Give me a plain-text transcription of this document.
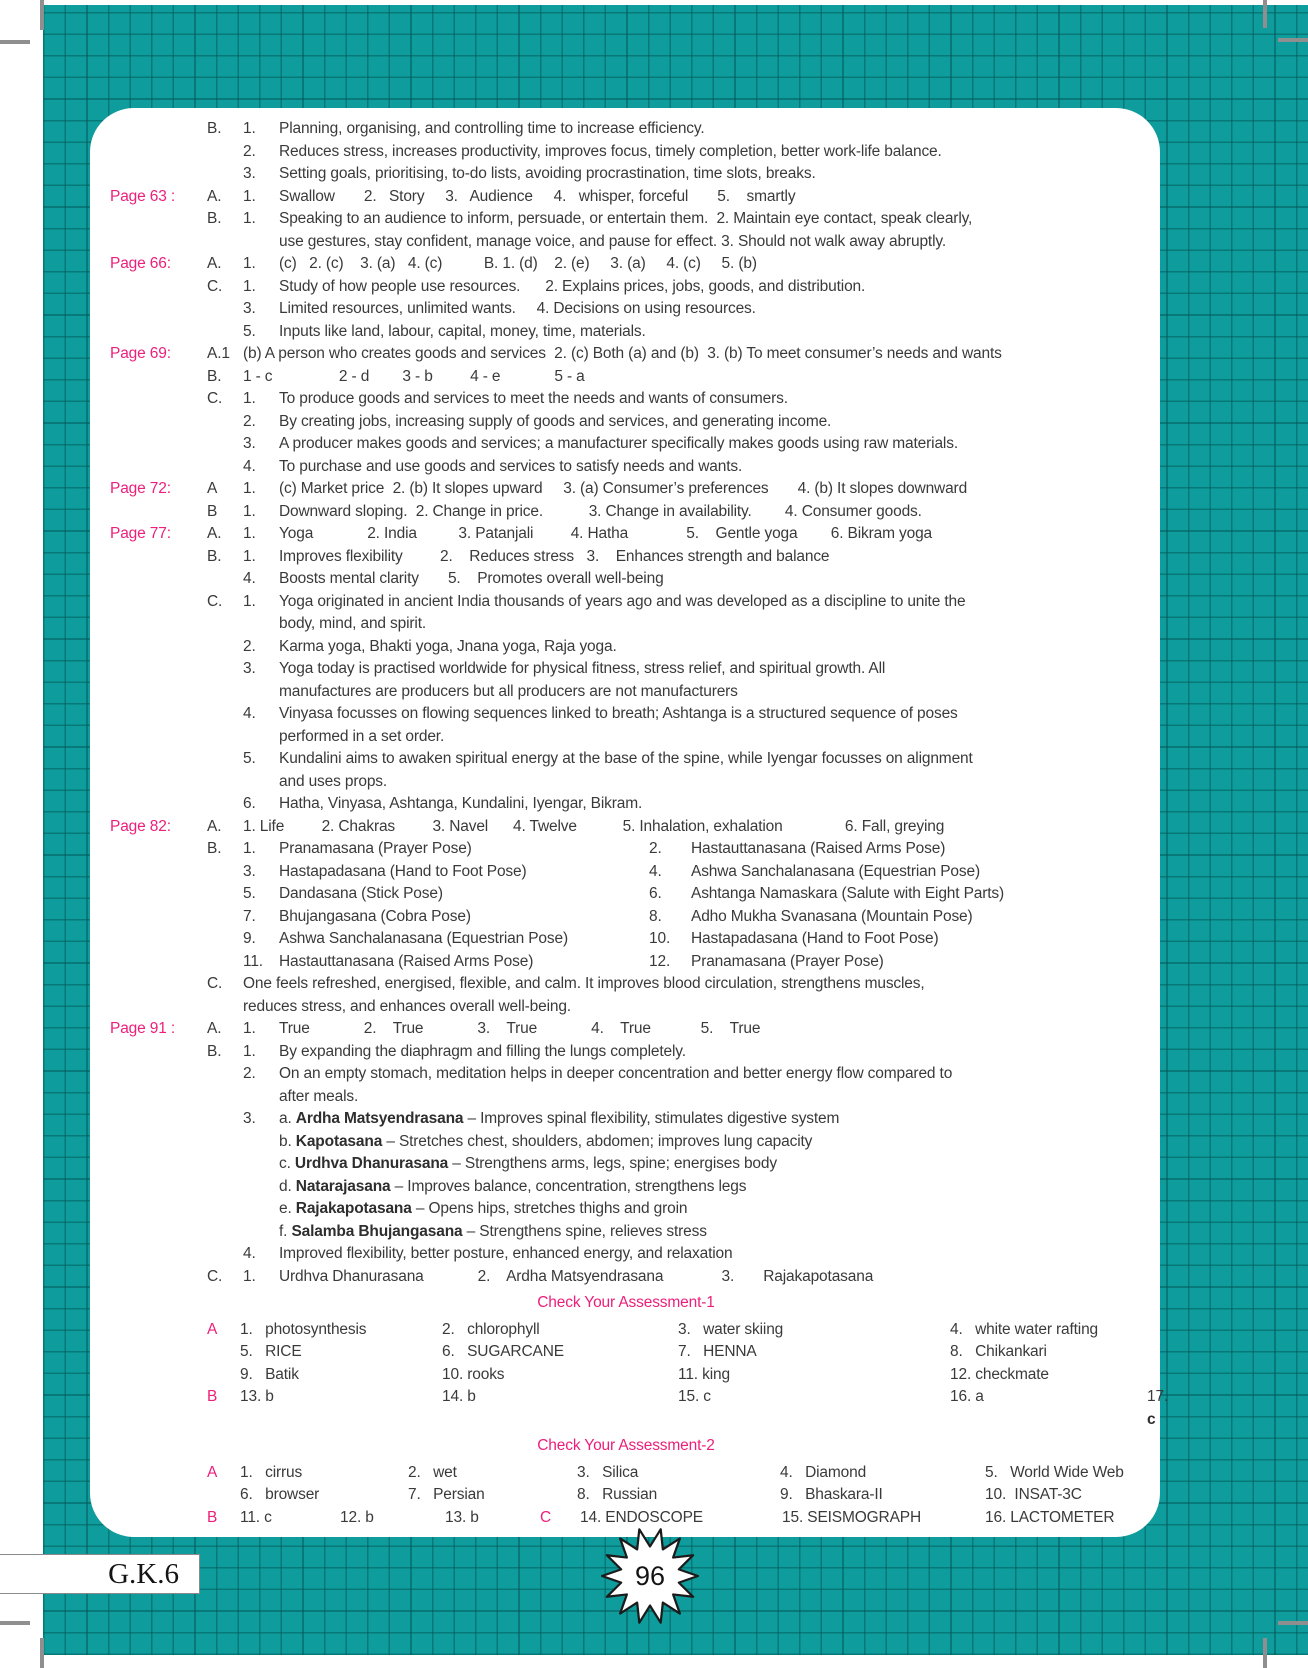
B.	1.	Planning, organising, and controlling time to increase efficiency.
2.	Reduces stress, increases productivity, improves focus, timely completion, better work-life balance.
3.	Setting goals, prioritising, to-do lists, avoiding procrastination, time slots, breaks.
Page 63 :	A.	1.	Swallow       2.   Story     3.   Audience     4.   whisper, forceful       5.    smartly
B.	1.	Speaking to an audience to inform, persuade, or entertain them.  2. Maintain eye contact, speak clearly,
use gestures, stay confident, manage voice, and pause for effect. 3. Should not walk away abruptly.
Page 66:	A.	1.	(c)   2. (c)    3. (a)   4. (c)          B. 1. (d)    2. (e)     3. (a)     4. (c)     5. (b)
C.	1.	Study of how people use resources.      2. Explains prices, jobs, goods, and distribution.
3.	Limited resources, unlimited wants.     4. Decisions on using resources.
5.	Inputs like land, labour, capital, money, time, materials.
Page 69:	A.1 (b) A person who creates goods and services  2. (c) Both (a) and (b)  3. (b) To meet consumer’s needs and wants
B.	1 - c                2 - d        3 - b         4 - e             5 - a
C.	1.	To produce goods and services to meet the needs and wants of consumers.
2.	By creating jobs, increasing supply of goods and services, and generating income.
3.	A producer makes goods and services; a manufacturer specifically makes goods using raw materials.
4.	To purchase and use goods and services to satisfy needs and wants.
Page 72:	A	1.	(c) Market price  2. (b) It slopes upward     3. (a) Consumer’s preferences       4. (b) It slopes downward
B	1.	Downward sloping.  2. Change in price.           3. Change in availability.        4. Consumer goods.
Page 77:	A.	1.	Yoga             2. India          3. Patanjali         4. Hatha              5.    Gentle yoga        6. Bikram yoga
B.	1.	Improves flexibility         2.    Reduces stress   3.    Enhances strength and balance
4.	Boosts mental clarity       5.    Promotes overall well-being
C.	1.	Yoga originated in ancient India thousands of years ago and was developed as a discipline to unite the
body, mind, and spirit.
2.	Karma yoga, Bhakti yoga, Jnana yoga, Raja yoga.
3.	Yoga today is practised worldwide for physical fitness, stress relief, and spiritual growth. All
manufactures are producers but all producers are not manufacturers
4.	Vinyasa focusses on flowing sequences linked to breath; Ashtanga is a structured sequence of poses
performed in a set order.
5.	Kundalini aims to awaken spiritual energy at the base of the spine, while Iyengar focusses on alignment
and uses props.
6.	Hatha, Vinyasa, Ashtanga, Kundalini, Iyengar, Bikram.
Page 82:	A.	1. Life         2. Chakras         3. Navel      4. Twelve           5. Inhalation, exhalation               6. Fall, greying
B.	1.	Pranamasana (Prayer Pose)	2.	Hastauttanasana (Raised Arms Pose)
3.	Hastapadasana (Hand to Foot Pose)	4.	Ashwa Sanchalanasana (Equestrian Pose)
5.	Dandasana (Stick Pose)	6.	Ashtanga Namaskara (Salute with Eight Parts)
7.	Bhujangasana (Cobra Pose)	8.	Adho Mukha Svanasana (Mountain Pose)
9.	Ashwa Sanchalanasana (Equestrian Pose)	10.	Hastapadasana (Hand to Foot Pose)
11.	Hastauttanasana (Raised Arms Pose)	12.	Pranamasana (Prayer Pose)
C.	One feels refreshed, energised, flexible, and calm. It improves blood circulation, strengthens muscles,
reduces stress, and enhances overall well-being.
Page 91 :	A.	1.	True             2.    True             3.    True             4.    True            5.    True
B.	1.	By expanding the diaphragm and filling the lungs completely.
2.	On an empty stomach, meditation helps in deeper concentration and better energy flow compared to
after meals.
3.	a. Ardha Matsyendrasana – Improves spinal flexibility, stimulates digestive system
b. Kapotasana – Stretches chest, shoulders, abdomen; improves lung capacity
c. Urdhva Dhanurasana – Strengthens arms, legs, spine; energises body
d. Natarajasana – Improves balance, concentration, strengthens legs
e. Rajakapotasana – Opens hips, stretches thighs and groin
f. Salamba Bhujangasana – Strengthens spine, relieves stress
4.	Improved flexibility, better posture, enhanced energy, and relaxation
C.	1.	Urdhva Dhanurasana             2.    Ardha Matsyendrasana              3.       Rajakapotasana
Check Your Assessment-1
A	1.   photosynthesis	2.   chlorophyll	3.   water skiing	4.   white water rafting
5.   RICE	6.   SUGARCANE	7.   HENNA	8.   Chikankari
9.   Batik	10. rooks	11. king	12. checkmate
B	13. b	14. b	15. c	16. a	17. c
Check Your Assessment-2
A	1.   cirrus	2.   wet	3.   Silica	4.   Diamond	5.   World Wide Web
6.   browser	7.   Persian	8.   Russian	9.   Bhaskara-II	10.  INSAT-3C
B	11. c	12. b	13. b	C	14. ENDOSCOPE	15. SEISMOGRAPH	16. LACTOMETER
G.K.6	96
